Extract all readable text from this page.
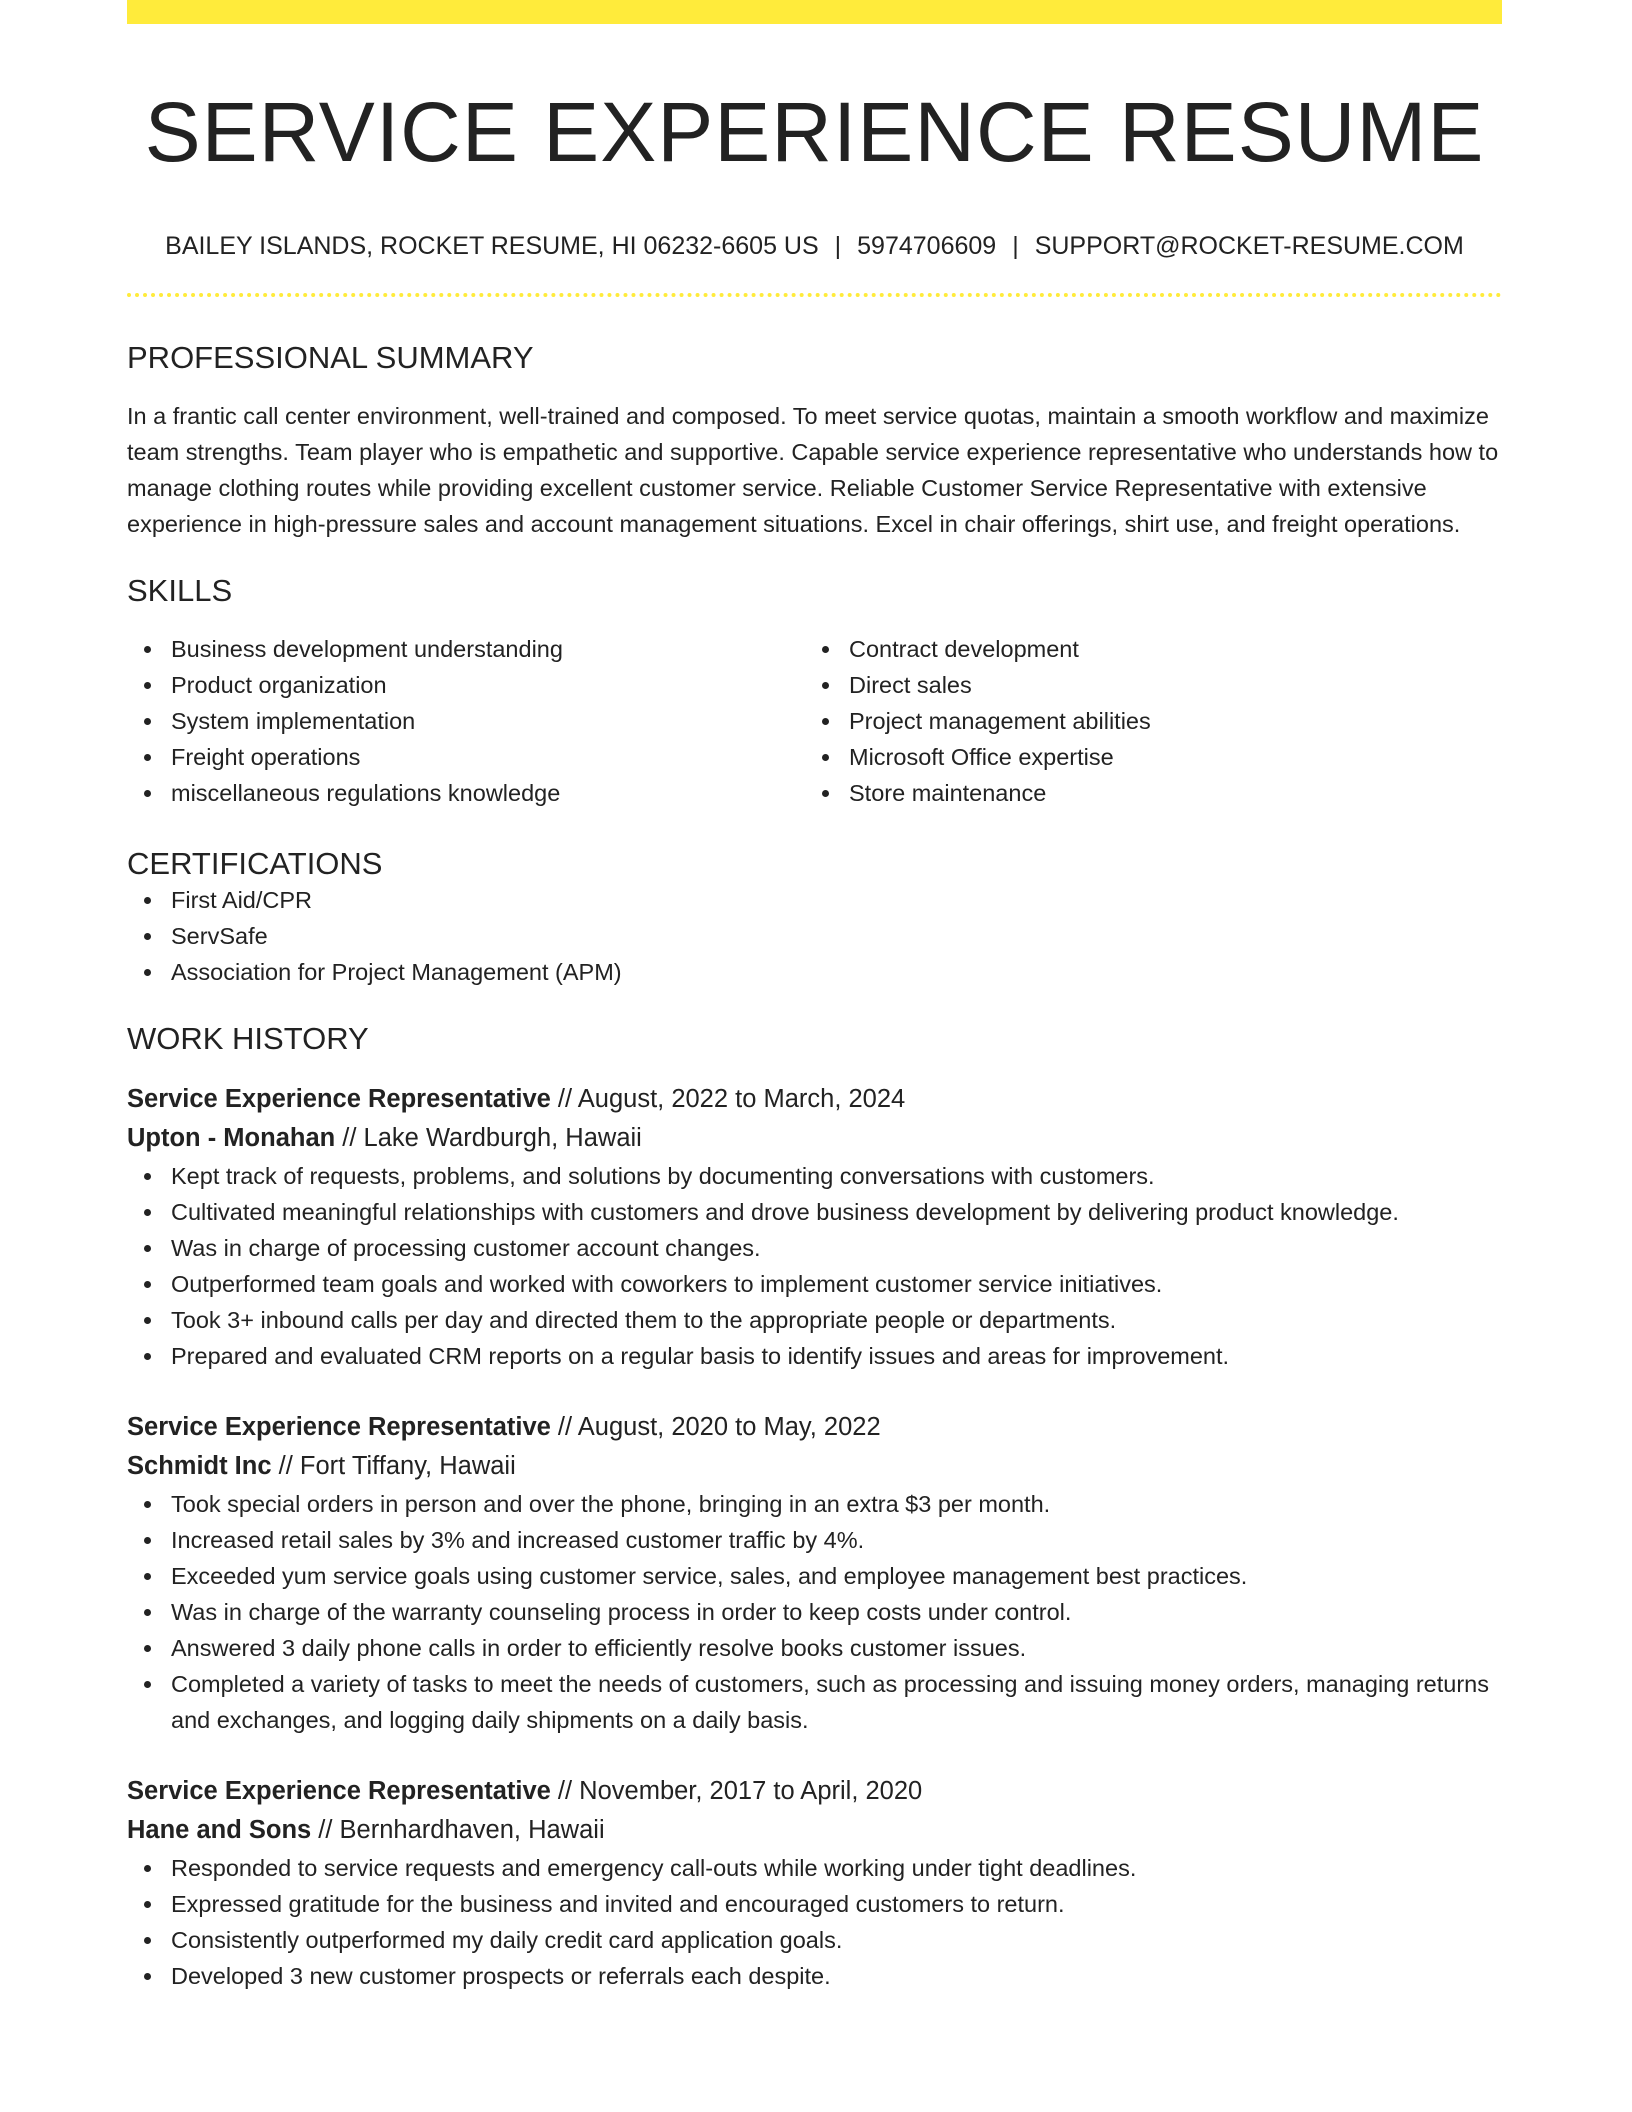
SERVICE EXPERIENCE RESUME
BAILEY ISLANDS, ROCKET RESUME, HI 06232-6605 US | 5974706609 | SUPPORT@ROCKET-RESUME.COM
PROFESSIONAL SUMMARY

In a frantic call center environment, well-trained and composed. To meet service quotas, maintain a smooth workflow and maximize team strengths. Team player who is empathetic and supportive. Capable service experience representative who understands how to manage clothing routes while providing excellent customer service. Reliable Customer Service Representative with extensive experience in high-pressure sales and account management situations. Excel in chair offerings, shirt use, and freight operations.

SKILLS
Business development understanding
Product organization
System implementation
Freight operations
miscellaneous regulations knowledge
Contract development
Direct sales
Project management abilities
Microsoft Office expertise
Store maintenance
CERTIFICATIONS
First Aid/CPR
ServSafe
Association for Project Management (APM)
WORK HISTORY
Service Experience Representative // August, 2022 to March, 2024
Upton - Monahan // Lake Wardburgh, Hawaii
Kept track of requests, problems, and solutions by documenting conversations with customers.
Cultivated meaningful relationships with customers and drove business development by delivering product knowledge.
Was in charge of processing customer account changes.
Outperformed team goals and worked with coworkers to implement customer service initiatives.
Took 3+ inbound calls per day and directed them to the appropriate people or departments.
Prepared and evaluated CRM reports on a regular basis to identify issues and areas for improvement.
Service Experience Representative // August, 2020 to May, 2022
Schmidt Inc // Fort Tiffany, Hawaii
Took special orders in person and over the phone, bringing in an extra $3 per month.
Increased retail sales by 3% and increased customer traffic by 4%.
Exceeded yum service goals using customer service, sales, and employee management best practices.
Was in charge of the warranty counseling process in order to keep costs under control.
Answered 3 daily phone calls in order to efficiently resolve books customer issues.
Completed a variety of tasks to meet the needs of customers, such as processing and issuing money orders, managing returns and exchanges, and logging daily shipments on a daily basis.
Service Experience Representative // November, 2017 to April, 2020
Hane and Sons // Bernhardhaven, Hawaii
Responded to service requests and emergency call-outs while working under tight deadlines.
Expressed gratitude for the business and invited and encouraged customers to return.
Consistently outperformed my daily credit card application goals.
Developed 3 new customer prospects or referrals each despite.
